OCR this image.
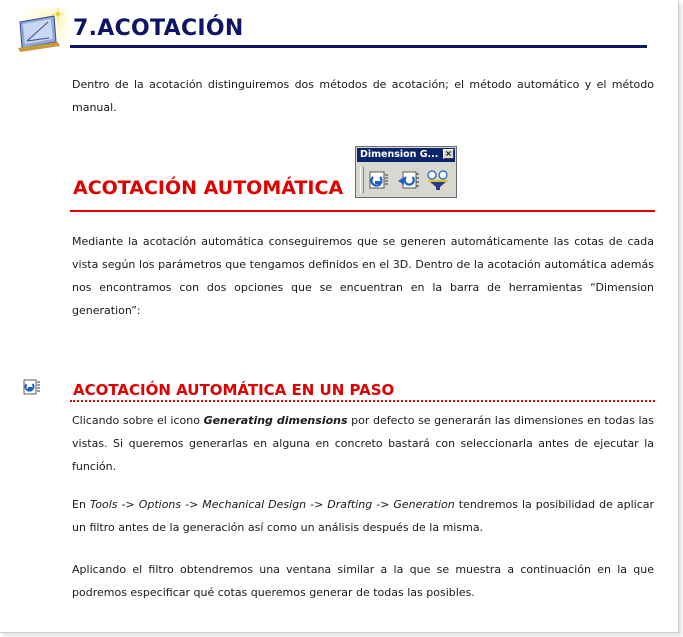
7.ACOTACIÓN
Dentro de la acotación distinguiremos dos métodos de acotación; el método automático y el método manual.
ACOTACIÓN AUTOMÁTICA
Dimension G... ×
Mediante la acotación automática conseguiremos que se generen automáticamente las cotas de cada vista según los parámetros que tengamos definidos en el 3D. Dentro de la acotación automática además nos encontramos con dos opciones que se encuentran en la barra de herramientas “Dimension generation”:
ACOTACIÓN AUTOMÁTICA EN UN PASO
Clicando sobre el icono Generating dimensions por defecto se generarán las dimensiones en todas las vistas. Si queremos generarlas en alguna en concreto bastará con seleccionarla antes de ejecutar la función.
En Tools -> Options -> Mechanical Design -> Drafting -> Generation tendremos la posibilidad de aplicar un filtro antes de la generación así como un análisis después de la misma.
Aplicando el filtro obtendremos una ventana similar a la que se muestra a continuación en la que podremos especificar qué cotas queremos generar de todas las posibles.
